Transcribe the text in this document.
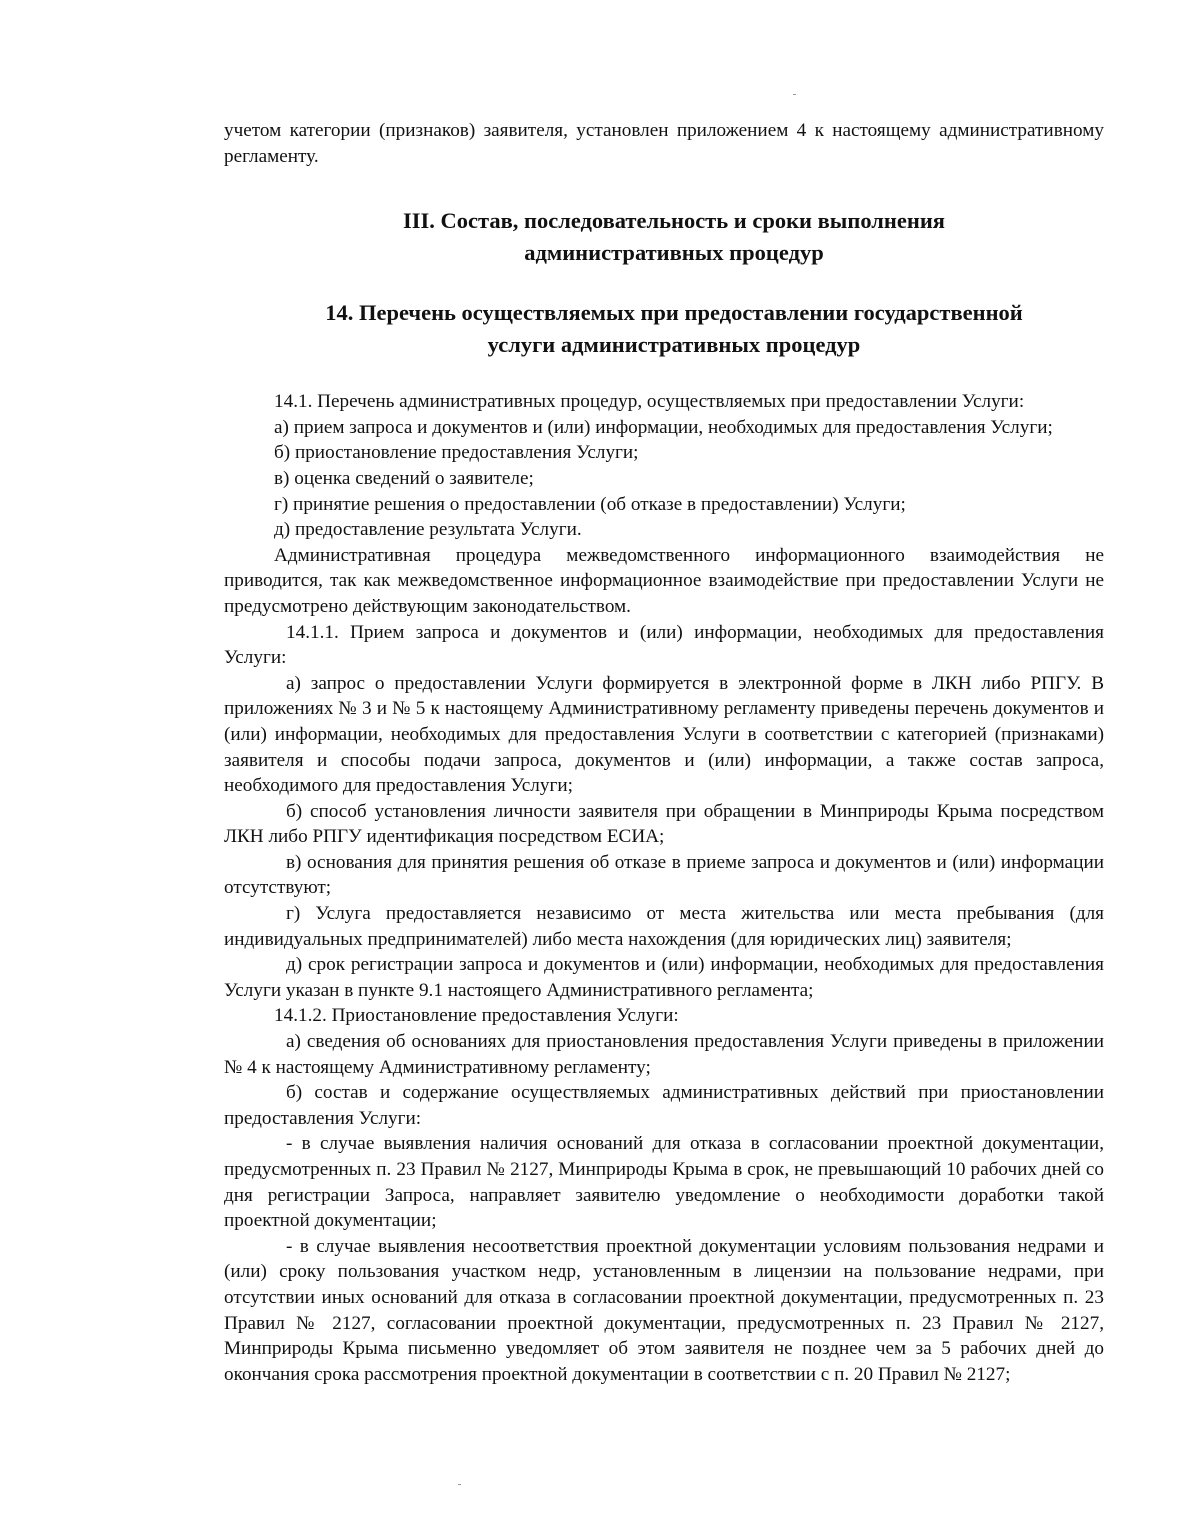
учетом категории (признаков) заявителя, установлен приложением 4 к настоящему административному регламенту.

III. Состав, последовательность и сроки выполнения
административных процедур
14. Перечень осуществляемых при предоставлении государственной
услуги административных процедур

14.1. Перечень административных процедур, осуществляемых при предоставлении Услуги:

а) прием запроса и документов и (или) информации, необходимых для предоставления Услуги;

б) приостановление предоставления Услуги;

в) оценка сведений о заявителе;

г) принятие решения о предоставлении (об отказе в предоставлении) Услуги;

д) предоставление результата Услуги.

Административная процедура межведомственного информационного взаимодействия не приводится, так как межведомственное информационное взаимодействие при предоставлении Услуги не предусмотрено действующим законодательством.

14.1.1. Прием запроса и документов и (или) информации, необходимых для предоставления Услуги:

а) запрос о предоставлении Услуги формируется в электронной форме в ЛКН либо РПГУ. В приложениях № 3 и № 5 к настоящему Административному регламенту приведены перечень документов и (или) информации, необходимых для предоставления Услуги в соответствии с категорией (признаками) заявителя и способы подачи запроса, документов и (или) информации, а также состав запроса, необходимого для предоставления Услуги;

б) способ установления личности заявителя при обращении в Минприроды Крыма посредством ЛКН либо РПГУ идентификация посредством ЕСИА;

в) основания для принятия решения об отказе в приеме запроса и документов и (или) информации отсутствуют;

г) Услуга предоставляется независимо от места жительства или места пребывания (для индивидуальных предпринимателей) либо места нахождения (для юридических лиц) заявителя;

д) срок регистрации запроса и документов и (или) информации, необходимых для предоставления Услуги указан в пункте 9.1 настоящего Административного регламента;

14.1.2. Приостановление предоставления Услуги:

а) сведения об основаниях для приостановления предоставления Услуги приведены в приложении № 4 к настоящему Административному регламенту;

б) состав и содержание осуществляемых административных действий при приостановлении предоставления Услуги:

- в случае выявления наличия оснований для отказа в согласовании проектной документации, предусмотренных п. 23 Правил № 2127, Минприроды Крыма в срок, не превышающий 10 рабочих дней со дня регистрации Запроса, направляет заявителю уведомление о необходимости доработки такой проектной документации;

- в случае выявления несоответствия проектной документации условиям пользования недрами и (или) сроку пользования участком недр, установленным в лицензии на пользование недрами, при отсутствии иных оснований для отказа в согласовании проектной документации, предусмотренных п. 23 Правил № 2127, согласовании проектной документации, предусмотренных п. 23 Правил № 2127, Минприроды Крыма письменно уведомляет об этом заявителя не позднее чем за 5 рабочих дней до окончания срока рассмотрения проектной документации в соответствии с п. 20 Правил № 2127;
